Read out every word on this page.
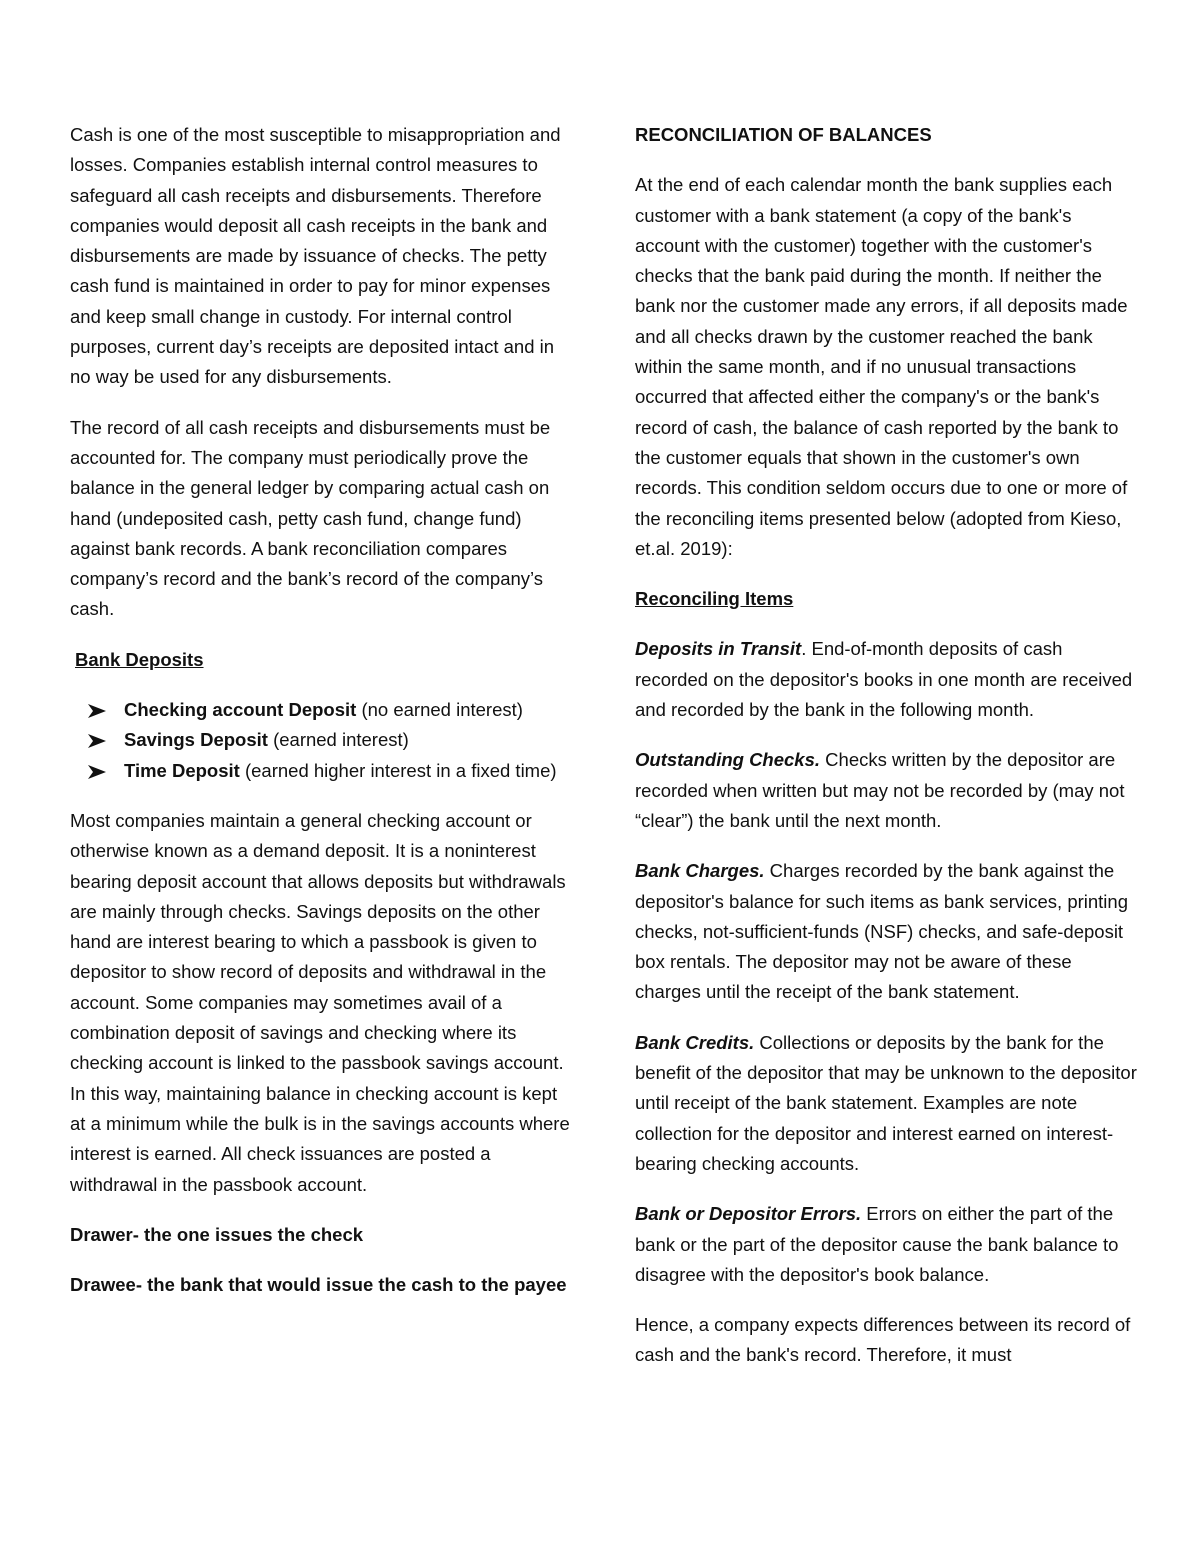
Cash is one of the most susceptible to misappropriation and losses. Companies establish internal control measures to safeguard all cash receipts and disbursements. Therefore companies would deposit all cash receipts in the bank and disbursements are made by issuance of checks. The petty cash fund is maintained in order to pay for minor expenses and keep small change in custody. For internal control purposes, current day’s receipts are deposited intact and in no way be used for any disbursements.

The record of all cash receipts and disbursements must be accounted for. The company must periodically prove the balance in the general ledger by comparing actual cash on hand (undeposited cash, petty cash fund, change fund) against bank records. A bank reconciliation compares company’s record and the bank’s record of the company’s cash.

Bank Deposits
Checking account Deposit (no earned interest)
Savings Deposit (earned interest)
Time Deposit (earned higher interest in a fixed time)

Most companies maintain a general checking account or otherwise known as a demand deposit. It is a noninterest bearing deposit account that allows deposits but withdrawals are mainly through checks. Savings deposits on the other hand are interest bearing to which a passbook is given to depositor to show record of deposits and withdrawal in the account. Some companies may sometimes avail of a combination deposit of savings and checking where its checking account is linked to the passbook savings account. In this way, maintaining balance in checking account is kept at a minimum while the bulk is in the savings accounts where interest is earned. All check issuances are posted a withdrawal in the passbook account.

Drawer- the one issues the check

Drawee- the bank that would issue the cash to the payee

RECONCILIATION OF BALANCES

At the end of each calendar month the bank supplies each customer with a bank statement (a copy of the bank's account with the customer) together with the customer's checks that the bank paid during the month. If neither the bank nor the customer made any errors, if all deposits made and all checks drawn by the customer reached the bank within the same month, and if no unusual transactions occurred that affected either the company's or the bank's record of cash, the balance of cash reported by the bank to the customer equals that shown in the customer's own records. This condition seldom occurs due to one or more of the reconciling items presented below (adopted from Kieso, et.al. 2019):

Reconciling Items

Deposits in Transit. End-of-month deposits of cash recorded on the depositor's books in one month are received and recorded by the bank in the following month.

Outstanding Checks. Checks written by the depositor are recorded when written but may not be recorded by (may not “clear”) the bank until the next month.

Bank Charges. Charges recorded by the bank against the depositor's balance for such items as bank services, printing checks, not-sufficient-funds (NSF) checks, and safe-deposit box rentals. The depositor may not be aware of these charges until the receipt of the bank statement.

Bank Credits. Collections or deposits by the bank for the benefit of the depositor that may be unknown to the depositor until receipt of the bank statement. Examples are note collection for the depositor and interest earned on interest-bearing checking accounts.

Bank or Depositor Errors. Errors on either the part of the bank or the part of the depositor cause the bank balance to disagree with the depositor's book balance.

Hence, a company expects differences between its record of cash and the bank's record. Therefore, it must
